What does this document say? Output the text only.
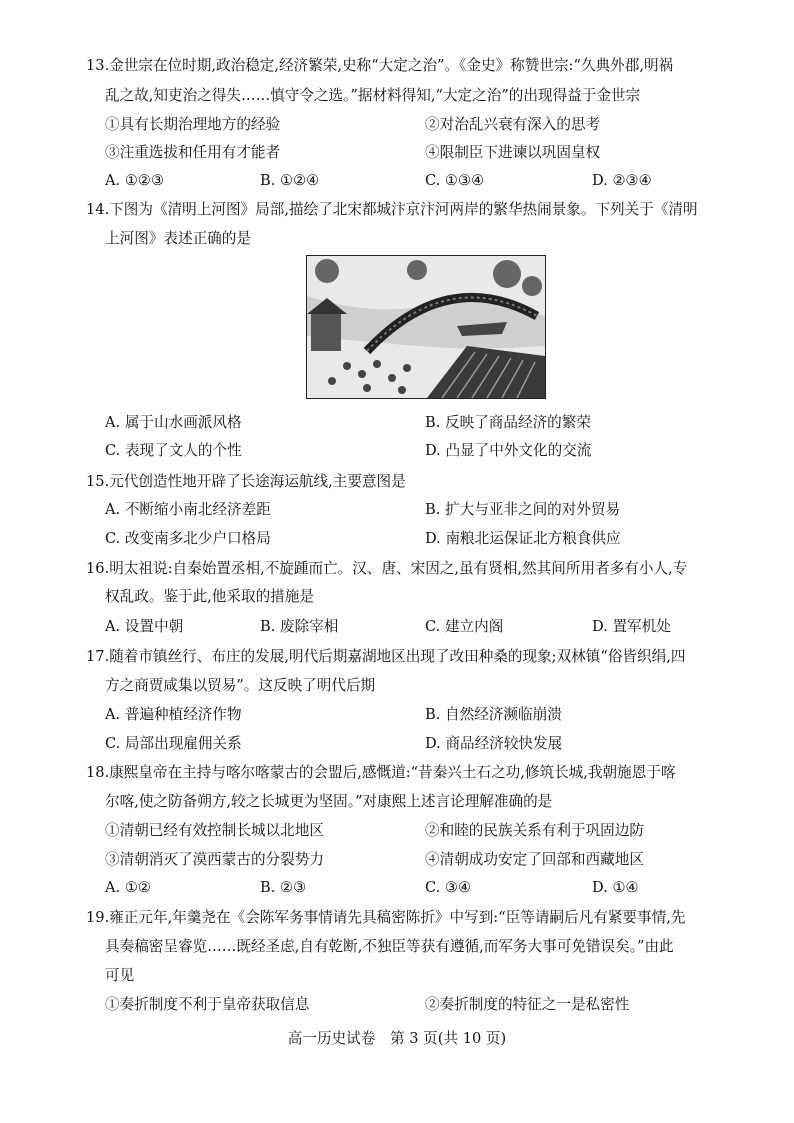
13.金世宗在位时期,政治稳定,经济繁荣,史称“大定之治”。《金史》称赞世宗:“久典外郡,明祸
乱之故,知吏治之得失……慎守令之选。”据材料得知,“大定之治”的出现得益于金世宗
①具有长期治理地方的经验	②对治乱兴衰有深入的思考
③注重选拔和任用有才能者	④限制臣下进谏以巩固皇权
A. ①②③	B. ①②④	C. ①③④	D. ②③④
14.下图为《清明上河图》局部,描绘了北宋都城汴京汴河两岸的繁华热闹景象。下列关于《清明
上河图》表述正确的是
A. 属于山水画派风格	B. 反映了商品经济的繁荣
C. 表现了文人的个性	D. 凸显了中外文化的交流
15.元代创造性地开辟了长途海运航线,主要意图是
A. 不断缩小南北经济差距	B. 扩大与亚非之间的对外贸易
C. 改变南多北少户口格局	D. 南粮北运保证北方粮食供应
16.明太祖说:自秦始置丞相,不旋踵而亡。汉、唐、宋因之,虽有贤相,然其间所用者多有小人,专
权乱政。鉴于此,他采取的措施是
A. 设置中朝	B. 废除宰相	C. 建立内阁	D. 置军机处
17.随着市镇丝行、布庄的发展,明代后期嘉湖地区出现了改田种桑的现象;双林镇“俗皆织绢,四
方之商贾咸集以贸易”。这反映了明代后期
A. 普遍种植经济作物	B. 自然经济濒临崩溃
C. 局部出现雇佣关系	D. 商品经济较快发展
18.康熙皇帝在主持与喀尔喀蒙古的会盟后,感慨道:“昔秦兴土石之功,修筑长城,我朝施恩于喀
尔喀,使之防备朔方,较之长城更为坚固。”对康熙上述言论理解准确的是
①清朝已经有效控制长城以北地区	②和睦的民族关系有利于巩固边防
③清朝消灭了漠西蒙古的分裂势力	④清朝成功安定了回部和西藏地区
A. ①②	B. ②③	C. ③④	D. ①④
19.雍正元年,年羹尧在《会陈军务事情请先具稿密陈折》中写到:“臣等请嗣后凡有紧要事情,先
具奏稿密呈睿览……既经圣虑,自有乾断,不独臣等获有遵循,而军务大事可免错误矣。”由此
可见
①奏折制度不利于皇帝获取信息	②奏折制度的特征之一是私密性
高一历史试卷 第 3 页(共 10 页)
